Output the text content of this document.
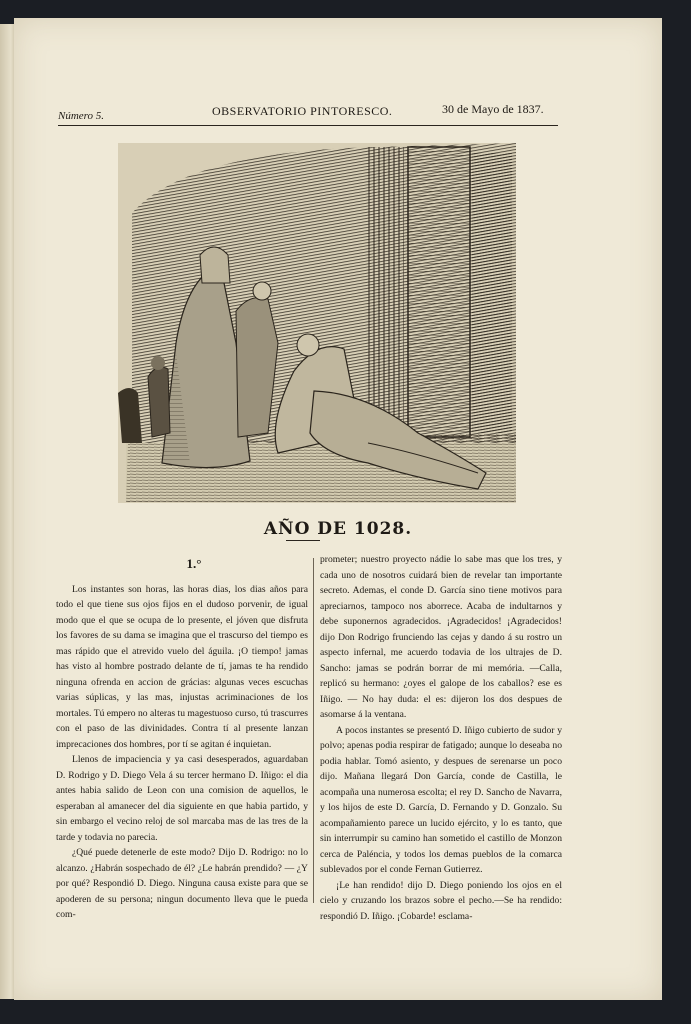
Número 5.	OBSERVATORIO PINTORESCO.	30 de Mayo de 1837.
AÑO DE 1028.
1.°

Los instantes son horas, las horas dias, los dias años para todo el que tiene sus ojos fijos en el dudoso porvenir, de igual modo que el que se ocupa de lo presente, el jóven que disfruta los favores de su dama se imagina que el trascurso del tiempo es mas rápido que el atrevido vuelo del águila. ¡O tiempo! jamas has visto al hombre postrado delante de tí, jamas te ha rendido ninguna ofrenda en accion de grácias: algunas veces escuchas varias súplicas, y las mas, injustas acriminaciones de los mortales. Tú empero no alteras tu magestuoso curso, tú trascurres con el paso de las divinidades. Contra tí al presente lanzan imprecaciones dos hombres, por tí se agitan é inquietan.

Llenos de impaciencia y ya casi desesperados, aguardaban D. Rodrigo y D. Diego Vela á su tercer hermano D. Iñigo: el dia antes habia salido de Leon con una comision de aquellos, le esperaban al amanecer del dia siguiente en que habia partido, y sin embargo el vecino reloj de sol marcaba mas de las tres de la tarde y todavia no parecia.

¿Qué puede detenerle de este modo? Dijo D. Rodrigo: no lo alcanzo. ¿Habrán sospechado de él? ¿Le habrán prendido? — ¿Y por qué? Respondió D. Diego. Ninguna causa existe para que se apoderen de su persona; ningun documento lleva que le pueda com-

prometer; nuestro proyecto nádie lo sabe mas que los tres, y cada uno de nosotros cuidará bien de revelar tan importante secreto. Ademas, el conde D. García sino tiene motivos para apreciarnos, tampoco nos aborrece. Acaba de indultarnos y debe suponernos agradecidos. ¡Agradecidos! ¡Agradecidos! dijo Don Rodrigo frunciendo las cejas y dando á su rostro un aspecto infernal, me acuerdo todavia de los ultrajes de D. Sancho: jamas se podrán borrar de mi memória. —Calla, replicó su hermano: ¿oyes el galope de los caballos? ese es Iñigo. — No hay duda: el es: dijeron los dos despues de asomarse á la ventana.

A pocos instantes se presentó D. Iñigo cubierto de sudor y polvo; apenas podia respirar de fatigado; aunque lo deseaba no podia hablar. Tomó asiento, y despues de serenarse un poco dijo. Mañana llegará Don García, conde de Castilla, le acompaña una numerosa escolta; el rey D. Sancho de Navarra, y los hijos de este D. García, D. Fernando y D. Gonzalo. Su acompañamiento parece un lucido ejército, y lo es tanto, que sin interrumpir su camino han sometido el castillo de Monzon cerca de Paléncia, y todos los demas pueblos de la comarca sublevados por el conde Fernan Gutierrez.

¡Le han rendido! dijo D. Diego poniendo los ojos en el cielo y cruzando los brazos sobre el pecho.—Se ha rendido: respondió D. Iñigo. ¡Cobarde! esclama-
